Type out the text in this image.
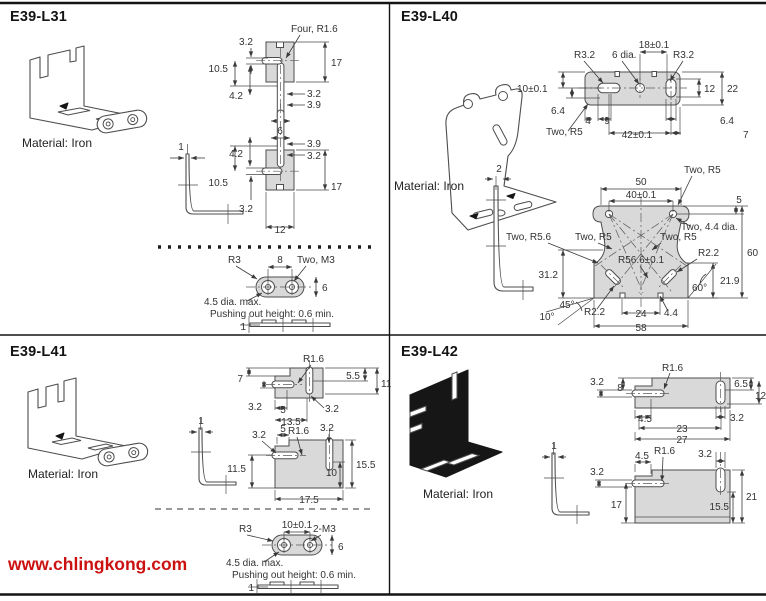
E39-L31
Material: Iron	1
Four, R1.6
3.2
10.5
17
4.2	3.2
3.9
6
3.9
4.2	3.2
10.5	17
3.2
12
R3	8 Two, M3
6
4.5 dia. max.
Pushing out height: 0.6 min.
1
E39-L40
Material: Iron
2
R3.2 6 dia.
18±0.1
R3.2
10±0.1
6.4
4 9
Two, R5	42±0.1
6.4
7
12 22
50
40±0.1
Two, R5
5
Two, 4.4 dia.
Two, R5.6 Two, R5	Two, R5
R56.6±0.1
R2.2
31.2
21.9
60
60°
45°
R2.2
10°	24 4.4
58
E39-L41
Material: Iron
1
R1.6
7	5.5
11
3.2 5	3.2
13.5
5
3.2 R1.6 3.2
11.5	10
15.5
17.5
R3	10±0.1 2-M3
6
4.5 dia. max.
Pushing out height: 0.6 min.
1
E39-L42
Material: Iron
1
3.2
8
R1.6
6.5
12
4.5	3.2
23
27
4.5 R1.6 3.2
3.2
17	15.5
21
www.chlingkong.com
